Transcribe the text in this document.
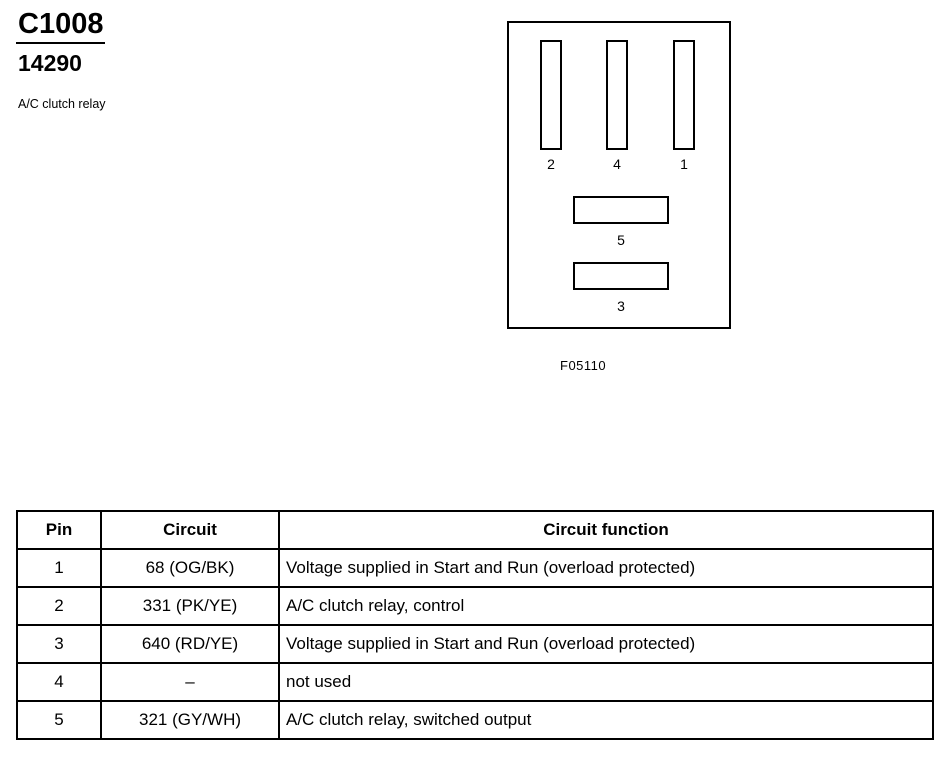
C1008
14290
A/C clutch relay
2	4	1
5
3
F05110
Pin	Circuit	Circuit function
1	68 (OG/BK)	Voltage supplied in Start and Run (overload protected)
2	331 (PK/YE)	A/C clutch relay, control
3	640 (RD/YE)	Voltage supplied in Start and Run (overload protected)
4	–	not used
5	321 (GY/WH)	A/C clutch relay, switched output
